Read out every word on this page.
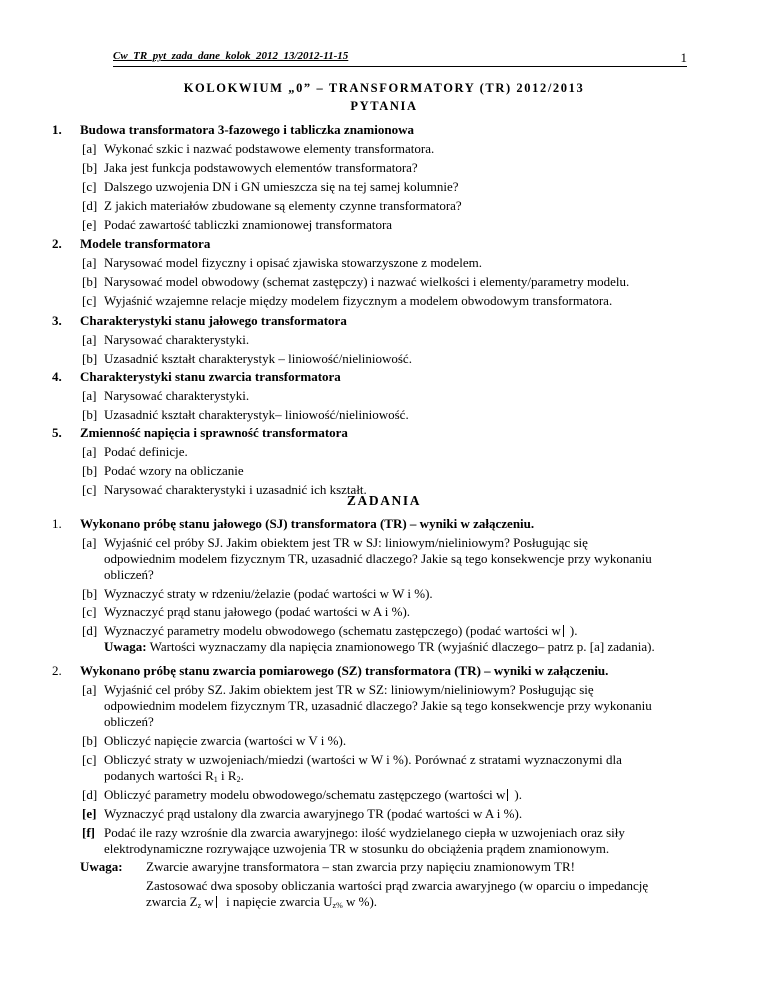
Cw_TR_pyt_zada_dane_kolok_2012_13/2012-11-15	1
KOLOKWIUM „0” – TRANSFORMATORY (TR) 2012/2013
PYTANIA
1. Budowa transformatora 3-fazowego i tabliczka znamionowa
[a] Wykonać szkic i nazwać podstawowe elementy transformatora.
[b] Jaka jest funkcja podstawowych elementów transformatora?
[c] Dalszego uzwojenia DN i GN umieszcza się na tej samej kolumnie?
[d] Z jakich materiałów zbudowane są elementy czynne transformatora?
[e] Podać zawartość tabliczki znamionowej transformatora
2. Modele transformatora
[a] Narysować model fizyczny i opisać zjawiska stowarzyszone z modelem.
[b] Narysować model obwodowy (schemat zastępczy) i nazwać wielkości i elementy/parametry modelu.
[c] Wyjaśnić wzajemne relacje między modelem fizycznym a modelem obwodowym transformatora.
3. Charakterystyki stanu jałowego transformatora
[a] Narysować charakterystyki.
[b] Uzasadnić kształt charakterystyk – liniowość/nieliniowość.
4. Charakterystyki stanu zwarcia transformatora
[a] Narysować charakterystyki.
[b] Uzasadnić kształt charakterystyk– liniowość/nieliniowość.
5. Zmienność napięcia i sprawność transformatora
[a] Podać definicje.
[b] Podać wzory na obliczanie
[c] Narysować charakterystyki i uzasadnić ich kształt.
ZADANIA
1. Wykonano próbę stanu jałowego (SJ) transformatora (TR) – wyniki w załączeniu.
[a] Wyjaśnić cel próby SJ. Jakim obiektem jest TR w SJ: liniowym/nieliniowym? Posługując się
odpowiednim modelem fizycznym TR, uzasadnić dlaczego? Jakie są tego konsekwencje przy wykonaniu
obliczeń?
[b] Wyznaczyć straty w rdzeniu/żelazie (podać wartości w W i %).
[c] Wyznaczyć prąd stanu jałowego (podać wartości w A i %).
[d] Wyznaczyć parametry modelu obwodowego (schematu zastępczego) (podać wartości w ).
Uwaga: Wartości wyznaczamy dla napięcia znamionowego TR (wyjaśnić dlaczego– patrz p. [a] zadania).
2. Wykonano próbę stanu zwarcia pomiarowego (SZ) transformatora (TR) – wyniki w załączeniu.
[a] Wyjaśnić cel próby SZ. Jakim obiektem jest TR w SZ: liniowym/nieliniowym? Posługując się
odpowiednim modelem fizycznym TR, uzasadnić dlaczego? Jakie są tego konsekwencje przy wykonaniu
obliczeń?
[b] Obliczyć napięcie zwarcia (wartości w V i %).
[c] Obliczyć straty w uzwojeniach/miedzi (wartości w W i %). Porównać z stratami wyznaczonymi dla
podanych wartości $R_1$ i $R_2$.
[d] Obliczyć parametry modelu obwodowego/schematu zastępczego (wartości w ).
[e] Wyznaczyć prąd ustalony dla zwarcia awaryjnego TR (podać wartości w A i %).
[f] Podać ile razy wzrośnie dla zwarcia awaryjnego: ilość wydzielanego ciepła w uzwojeniach oraz siły
elektrodynamiczne rozrywające uzwojenia TR w stosunku do obciążenia prądem znamionowym.
Uwaga: Zwarcie awaryjne transformatora – stan zwarcia przy napięciu znamionowym TR!
Zastosować dwa sposoby obliczania wartości prąd zwarcia awaryjnego (w oparciu o impedancję
zwarcia $Z_z$ w i napięcie zwarcia $U_{z\%}$ w %).
